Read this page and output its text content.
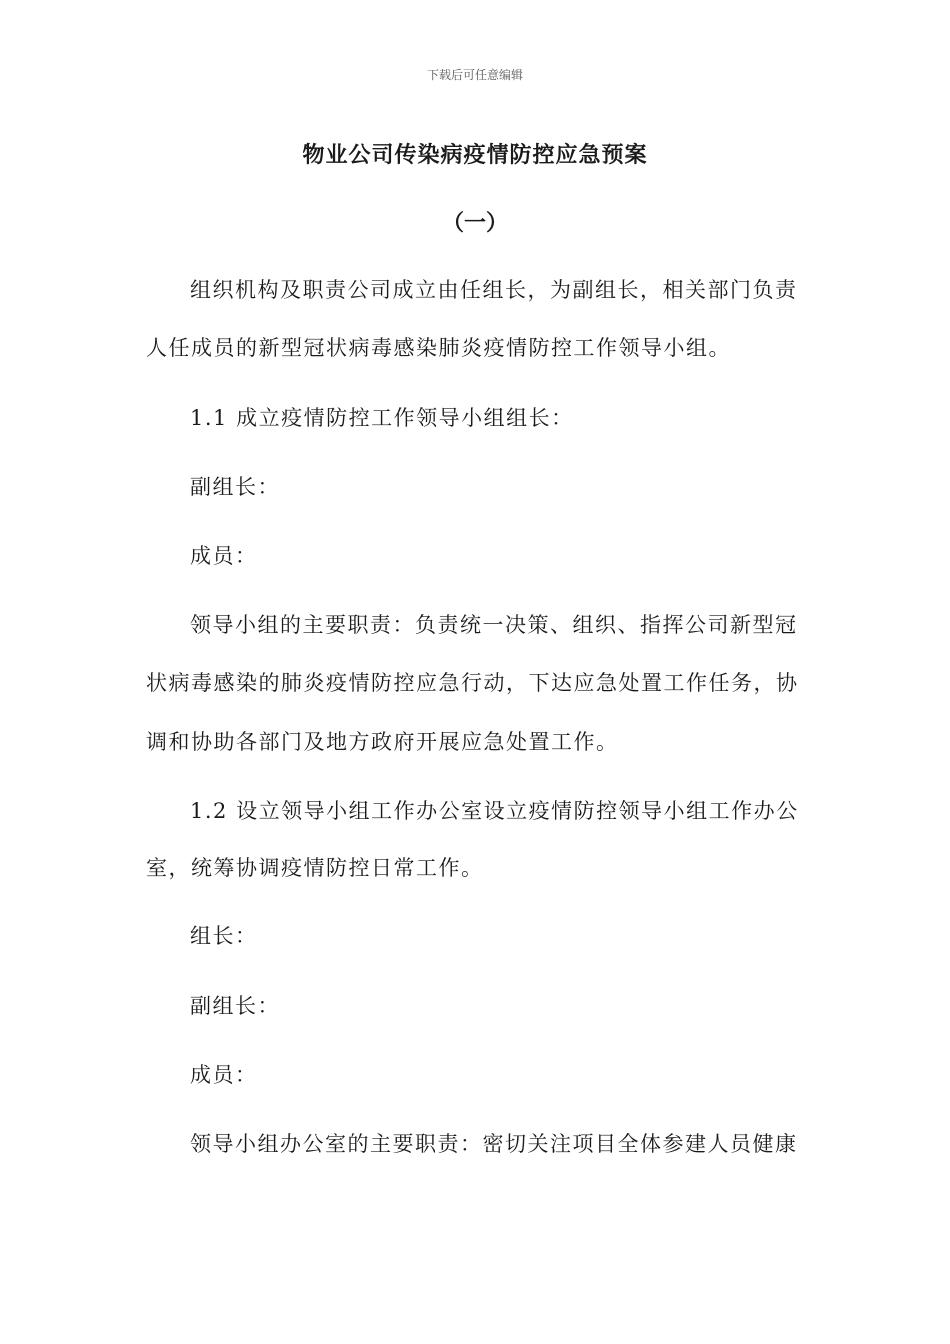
下载后可任意编辑
物业公司传染病疫情防控应急预案
（一）
组织机构及职责公司成立由任组长，为副组长，相关部门负责
人任成员的新型冠状病毒感染肺炎疫情防控工作领导小组。
1.1 成立疫情防控工作领导小组组长：
副组长：
成员：
领导小组的主要职责：负责统一决策、组织、指挥公司新型冠
状病毒感染的肺炎疫情防控应急行动，下达应急处置工作任务，协
调和协助各部门及地方政府开展应急处置工作。
1.2 设立领导小组工作办公室设立疫情防控领导小组工作办公
室，统筹协调疫情防控日常工作。
组长：
副组长：
成员：
领导小组办公室的主要职责：密切关注项目全体参建人员健康
